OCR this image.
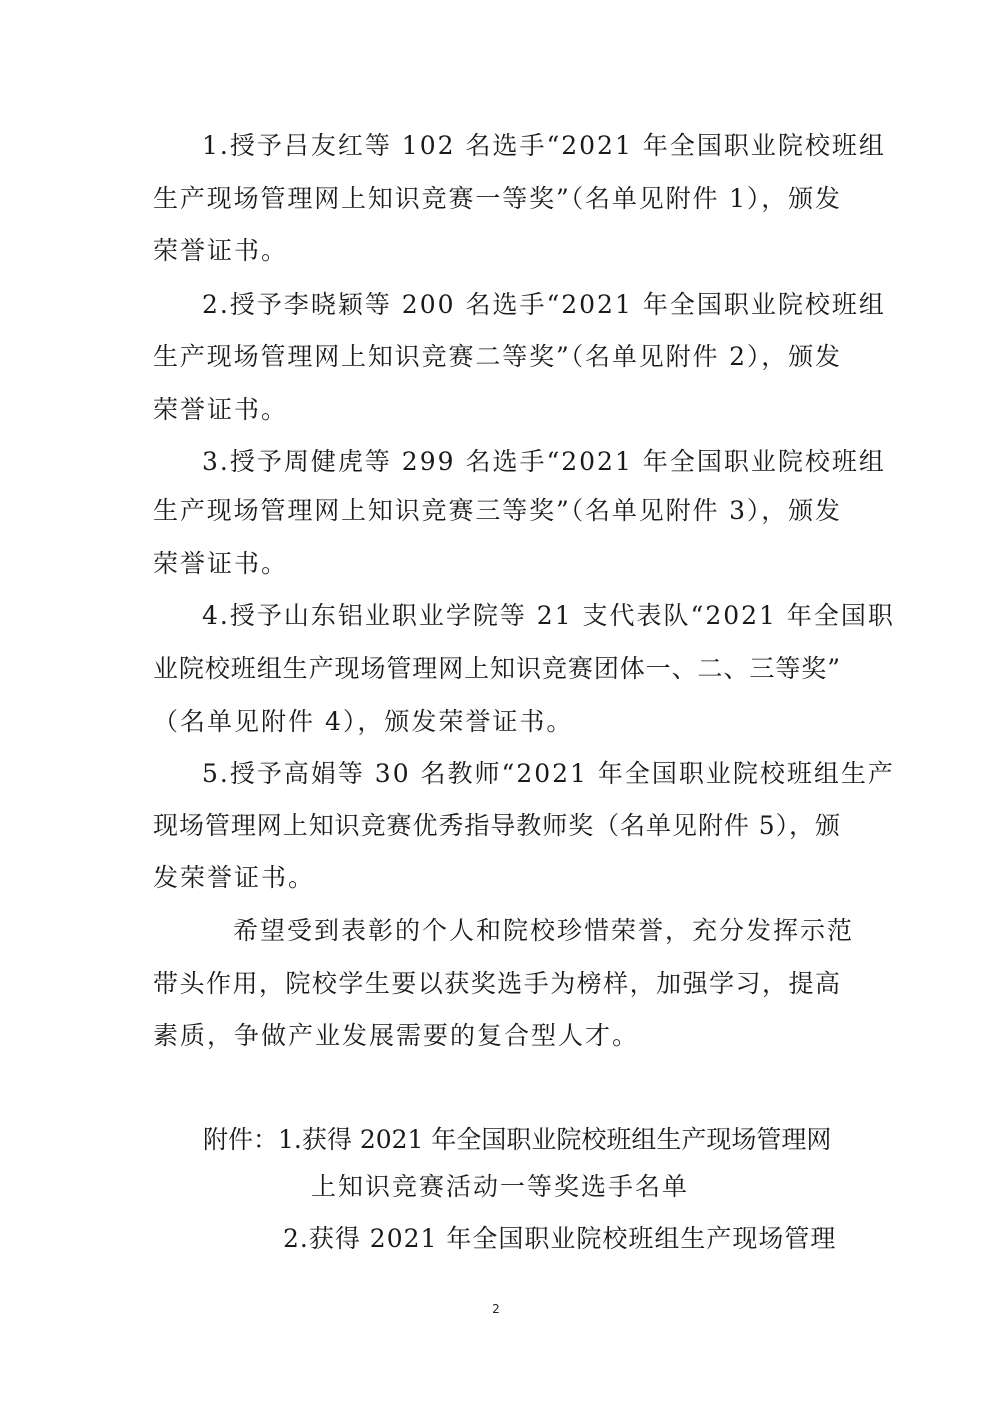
1.授予吕友红等 102 名选手“2021 年全国职业院校班组
生产现场管理网上知识竞赛一等奖”（名单见附件 1），颁发
荣誉证书。
2.授予李晓颖等 200 名选手“2021 年全国职业院校班组
生产现场管理网上知识竞赛二等奖”（名单见附件 2），颁发
荣誉证书。
3.授予周健虎等 299 名选手“2021 年全国职业院校班组
生产现场管理网上知识竞赛三等奖”（名单见附件 3），颁发
荣誉证书。
4.授予山东铝业职业学院等 21 支代表队“2021 年全国职
业院校班组生产现场管理网上知识竞赛团体一、二、三等奖”
（名单见附件 4），颁发荣誉证书。
5.授予高娟等 30 名教师“2021 年全国职业院校班组生产
现场管理网上知识竞赛优秀指导教师奖（名单见附件 5），颁
发荣誉证书。
希望受到表彰的个人和院校珍惜荣誉，充分发挥示范
带头作用，院校学生要以获奖选手为榜样，加强学习，提高
素质，争做产业发展需要的复合型人才。
附件：1.获得 2021 年全国职业院校班组生产现场管理网
上知识竞赛活动一等奖选手名单
2.获得 2021 年全国职业院校班组生产现场管理
2
